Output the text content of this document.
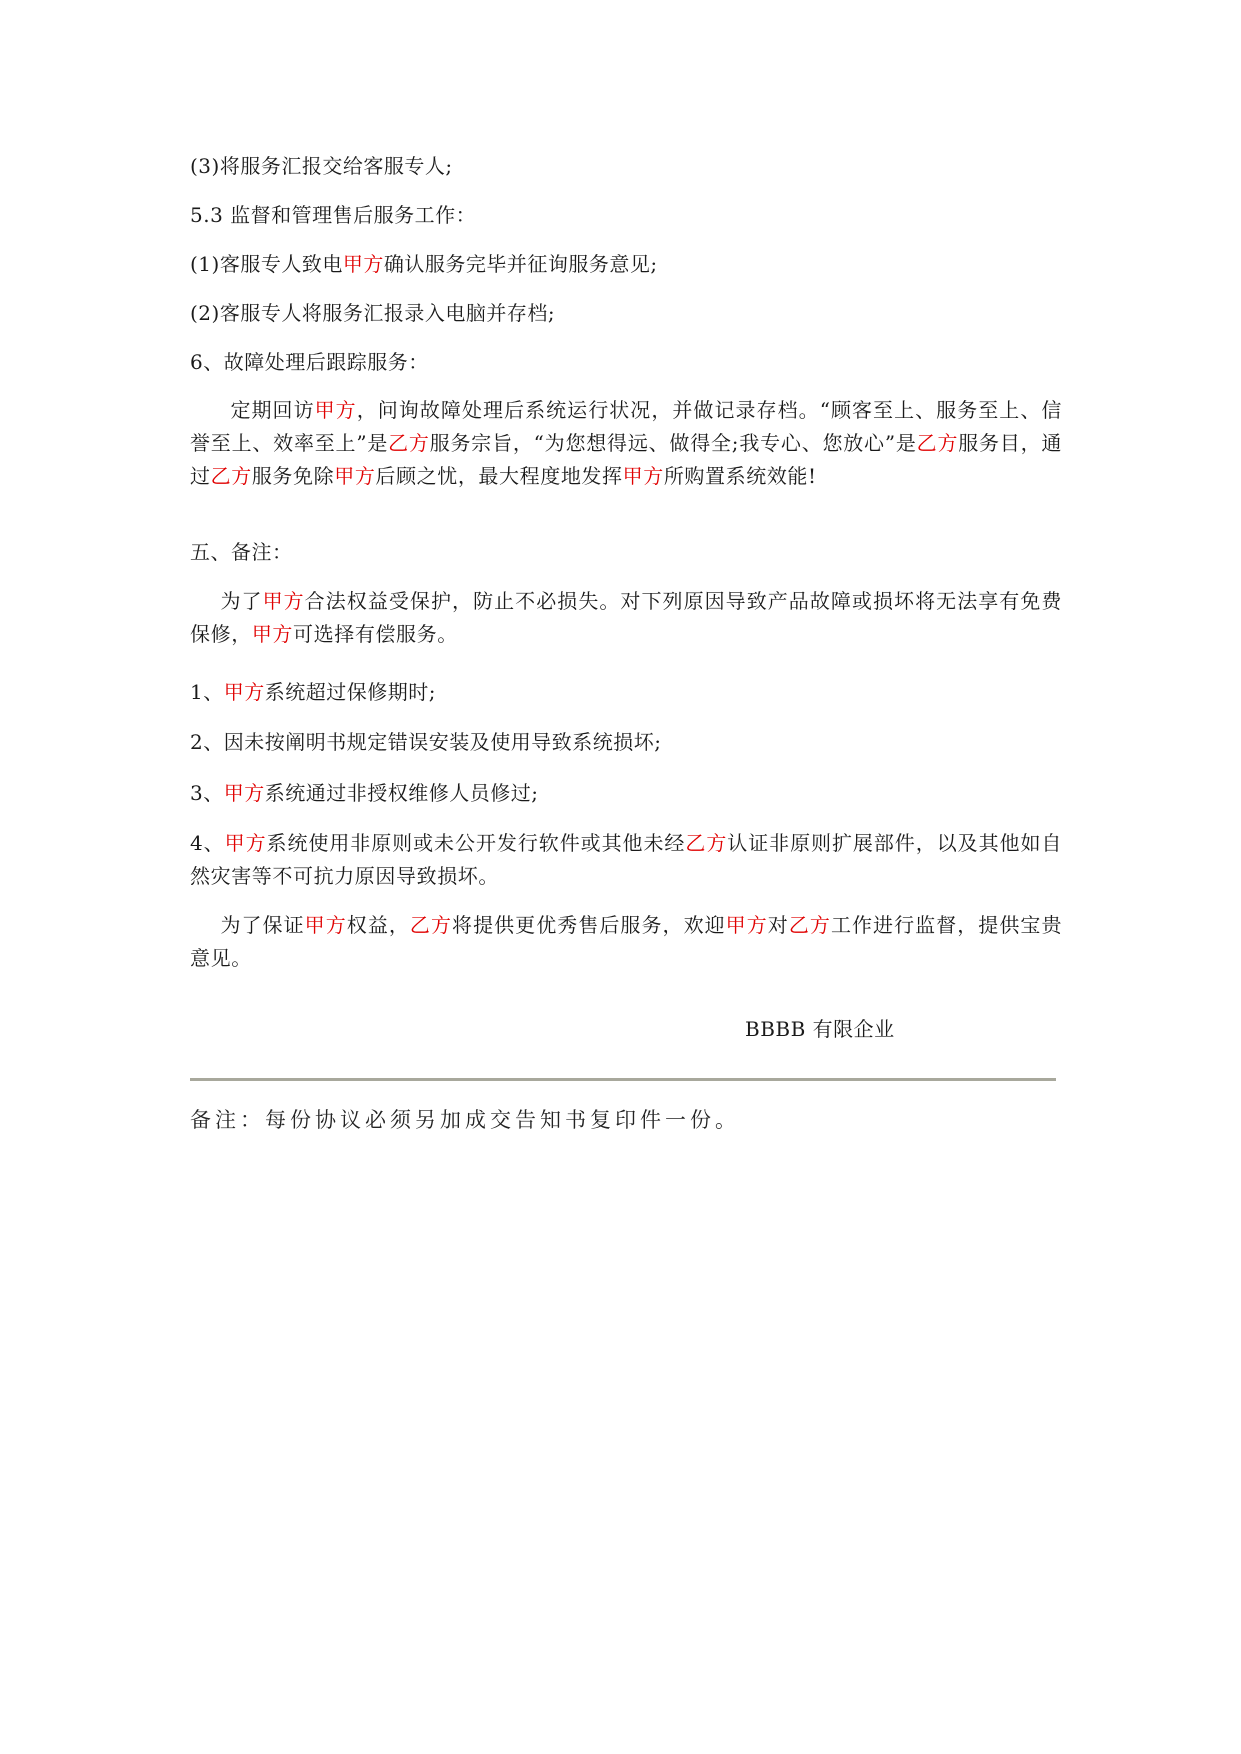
(3)将服务汇报交给客服专人;
5.3 监督和管理售后服务工作：
(1)客服专人致电甲方确认服务完毕并征询服务意见;
(2)客服专人将服务汇报录入电脑并存档;
6、故障处理后跟踪服务：
定期回访甲方，问询故障处理后系统运行状况，并做记录存档。“顾客至上、服务至上、信誉至上、效率至上”是乙方服务宗旨，“为您想得远、做得全;我专心、您放心”是乙方服务目，通过乙方服务免除甲方后顾之忧，最大程度地发挥甲方所购置系统效能!
五、备注：
为了甲方合法权益受保护，防止不必损失。对下列原因导致产品故障或损坏将无法享有免费保修，甲方可选择有偿服务。
1、甲方系统超过保修期时;
2、因未按阐明书规定错误安装及使用导致系统损坏;
3、甲方系统通过非授权维修人员修过;
4、甲方系统使用非原则或未公开发行软件或其他未经乙方认证非原则扩展部件，以及其他如自然灾害等不可抗力原因导致损坏。
为了保证甲方权益，乙方将提供更优秀售后服务，欢迎甲方对乙方工作进行监督，提供宝贵意见。
BBBB 有限企业
备注：每份协议必须另加成交告知书复印件一份。
